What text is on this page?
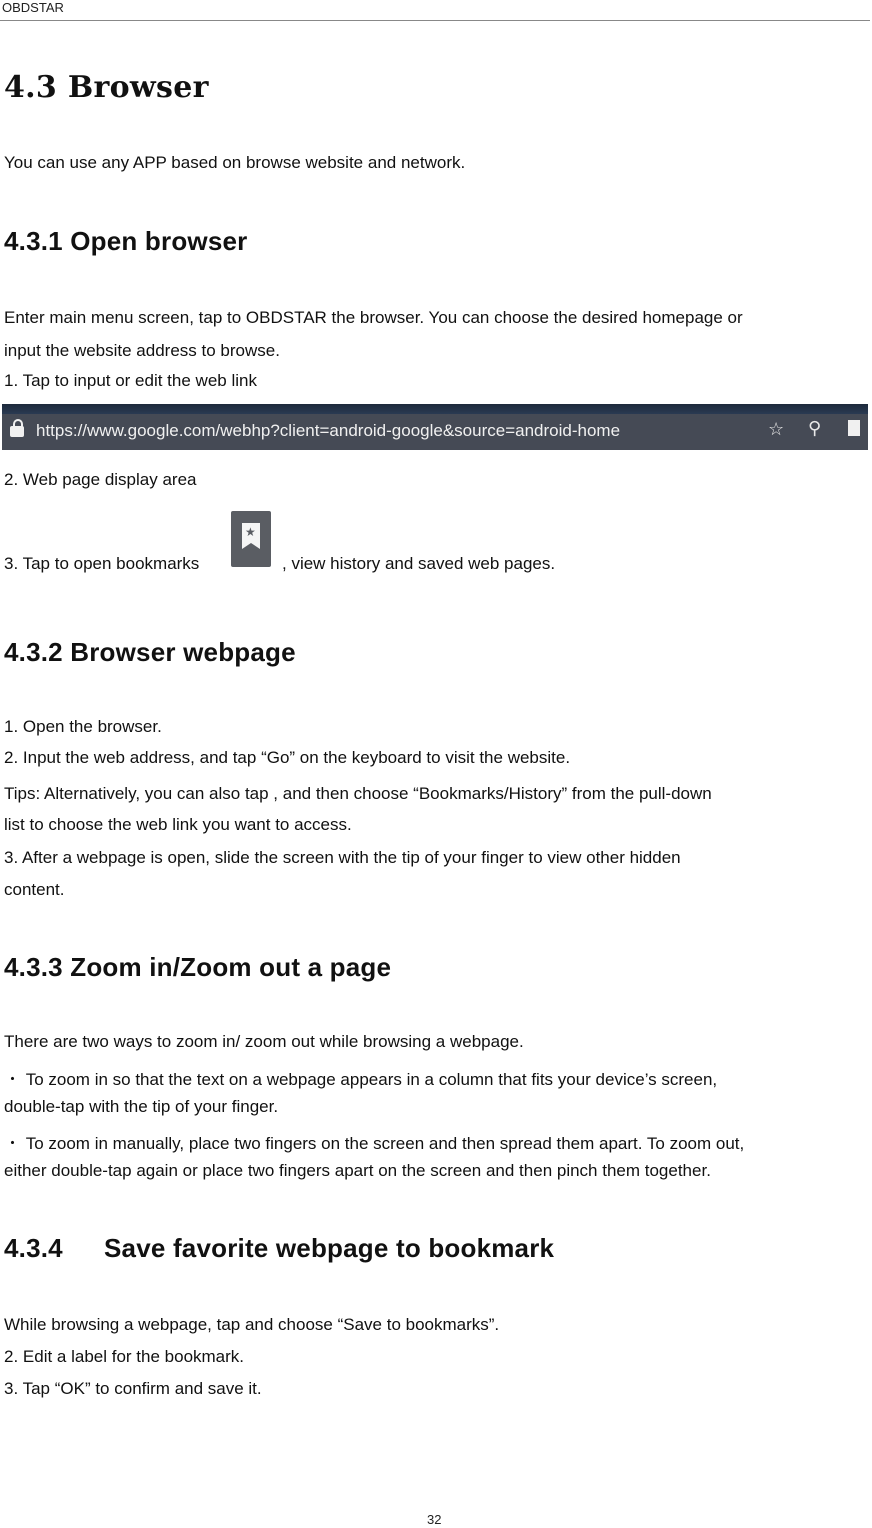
OBDSTAR
4.3 Browser
You can use any APP based on browse website and network.
4.3.1 Open browser
Enter main menu screen, tap to OBDSTAR the browser. You can choose the desired homepage or
input the website address to browse.
1. Tap to input or edit the web link
https://www.google.com/webhp?client=android-google&source=android-home	☆ ⚲
2. Web page display area
3. Tap to open bookmarks
★
, view history and saved web pages.
4.3.2 Browser webpage
1. Open the browser.
2. Input the web address, and tap “Go” on the keyboard to visit the website.
Tips: Alternatively, you can also tap , and then choose “Bookmarks/History” from the pull-down
list to choose the web link you want to access.
3. After a webpage is open, slide the screen with the tip of your finger to view other hidden
content.
4.3.3 Zoom in/Zoom out a page
There are two ways to zoom in/ zoom out while browsing a webpage.
・ To zoom in so that the text on a webpage appears in a column that fits your device’s screen,
double-tap with the tip of your finger.
・ To zoom in manually, place two fingers on the screen and then spread them apart. To zoom out,
either double-tap again or place two fingers apart on the screen and then pinch them together.
4.3.4 Save favorite webpage to bookmark
While browsing a webpage, tap and choose “Save to bookmarks”.
2. Edit a label for the bookmark.
3. Tap “OK” to confirm and save it.
32
